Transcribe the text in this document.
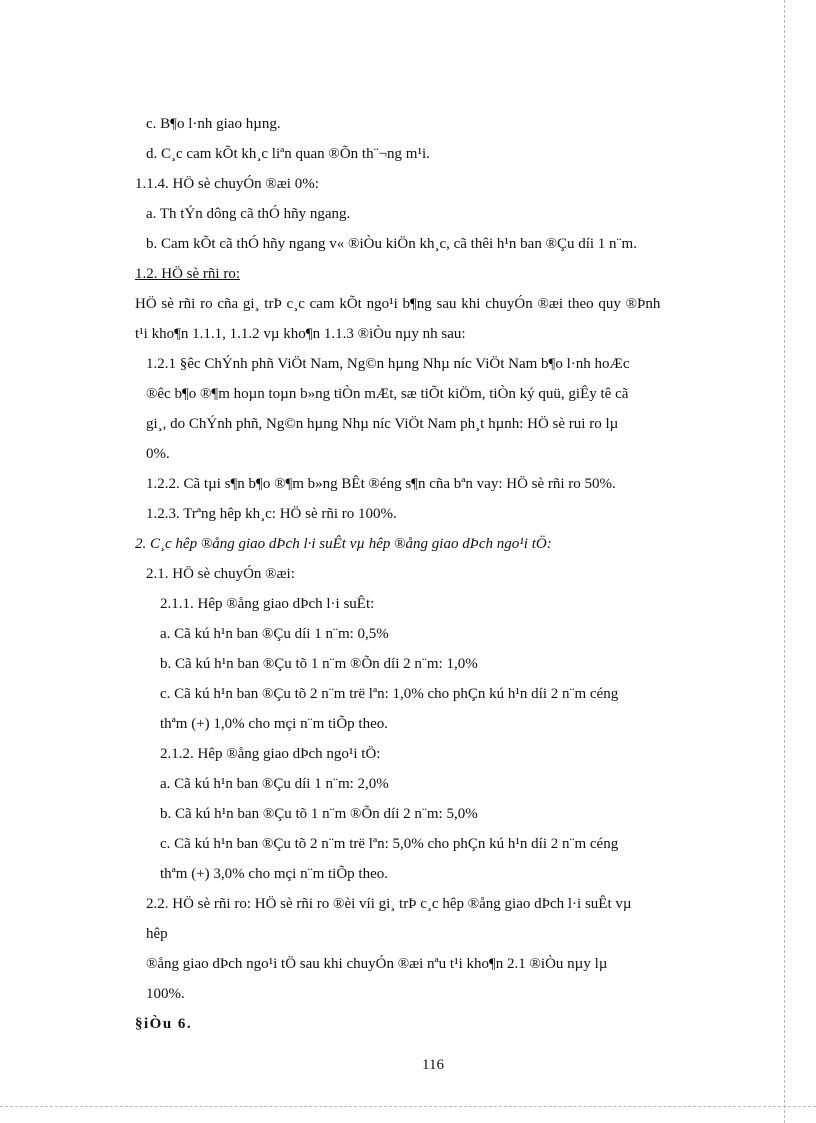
c. B¶o l·nh giao hµng.
d. C¸c cam kÕt kh¸c liªn quan ®Õn th¨¬ng m¹i.
1.1.4. HÖ sè chuyÓn ®æi 0%:
a. Th tÝn dông cã thÓ hñy ngang.
b. Cam kÕt cã thÓ hñy ngang v« ®iÒu kiÖn kh¸c, cã thêi h¹n ban ®Çu díi 1 n¨m.
1.2. HÖ sè rñi ro:
HÖ sè rñi ro cña gi¸ trÞ c¸c cam kÕt ngo¹i b¶ng sau khi chuyÓn ®æi theo quy ®Þnh
t¹i kho¶n 1.1.1, 1.1.2 vµ kho¶n 1.1.3 ®iÒu nµy nh sau:
1.2.1 §êc ChÝnh phñ ViÖt Nam, Ng©n hµng Nhµ níc ViÖt Nam b¶o l·nh hoÆc
®êc b¶o ®¶m hoµn toµn b»ng tiÒn mÆt, sæ tiÕt kiÖm, tiÒn ký quü, giÊy tê cã
gi¸, do ChÝnh phñ, Ng©n hµng Nhµ níc ViÖt Nam ph¸t hµnh: HÖ sè rui ro lµ
0%.
1.2.2. Cã tµi s¶n b¶o ®¶m b»ng BÊt ®éng s¶n cña bªn vay: HÖ sè rñi ro 50%.
1.2.3. Trªng hêp kh¸c: HÖ sè rñi ro 100%.
2. C¸c hêp ®ång giao dÞch l·i suÊt vµ hêp ®ång giao dÞch ngo¹i tÖ:
2.1. HÖ sè chuyÓn ®æi:
2.1.1. Hêp ®ång giao dÞch l·i suÊt:
a. Cã kú h¹n ban ®Çu díi 1 n¨m: 0,5%
b. Cã kú h¹n ban ®Çu tõ 1 n¨m ®Õn díi 2 n¨m: 1,0%
c. Cã kú h¹n ban ®Çu tõ 2 n¨m trë lªn: 1,0% cho phÇn kú h¹n díi 2 n¨m céng
thªm (+) 1,0% cho mçi n¨m tiÕp theo.
2.1.2. Hêp ®ång giao dÞch ngo¹i tÖ:
a. Cã kú h¹n ban ®Çu díi 1 n¨m: 2,0%
b. Cã kú h¹n ban ®Çu tõ 1 n¨m ®Õn díi 2 n¨m: 5,0%
c. Cã kú h¹n ban ®Çu tõ 2 n¨m trë lªn: 5,0% cho phÇn kú h¹n díi 2 n¨m céng
thªm (+) 3,0% cho mçi n¨m tiÕp theo.
2.2. HÖ sè rñi ro: HÖ sè rñi ro ®èi víi gi¸ trÞ c¸c hêp ®ång giao dÞch l·i suÊt vµ
hêp
®ång giao dÞch ngo¹i tÖ sau khi chuyÓn ®æi nªu t¹i kho¶n 2.1 ®iÒu nµy lµ
100%.
§iÒu 6.
116
